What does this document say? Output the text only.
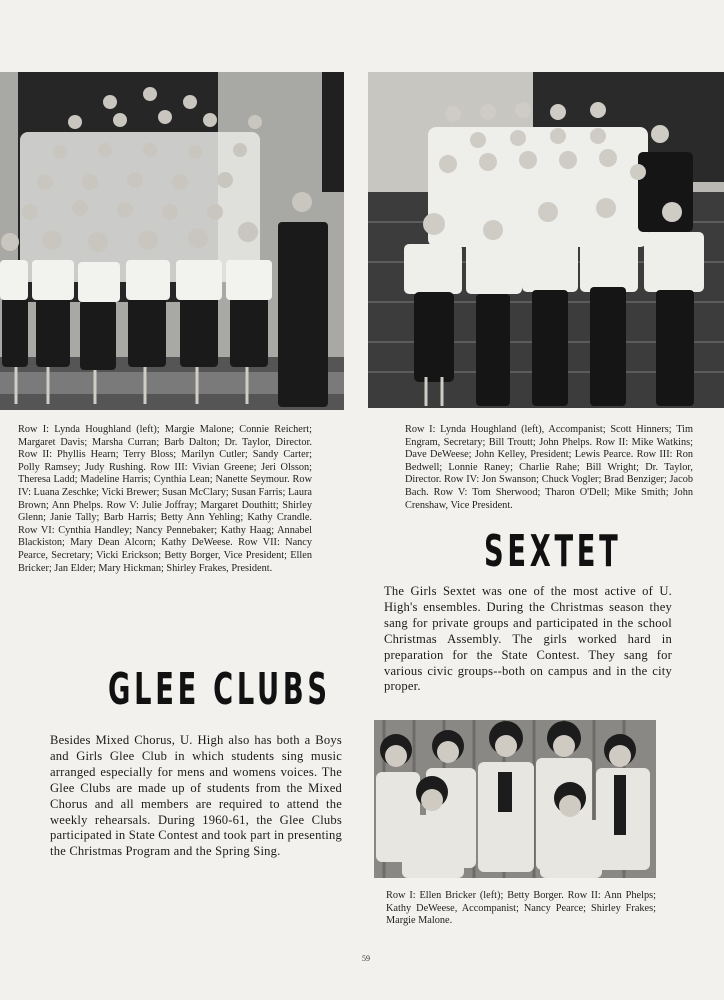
Row I: Lynda Houghland (left); Margie Malone; Connie Reichert; Margaret Davis; Marsha Curran; Barb Dalton; Dr. Taylor, Director. Row II: Phyllis Hearn; Terry Bloss; Marilyn Cutler; Sandy Carter; Polly Ramsey; Judy Rushing. Row III: Vivian Greene; Jeri Olsson; Theresa Ladd; Madeline Harris; Cynthia Lean; Nanette Seymour. Row IV: Luana Zeschke; Vicki Brewer; Susan McClary; Susan Farris; Laura Brown; Ann Phelps. Row V: Julie Joffray; Margaret Douthitt; Shirley Glenn; Janie Tally; Barb Harris; Betty Ann Yehling; Kathy Crandle. Row VI: Cynthia Handley; Nancy Pennebaker; Kathy Haag; Annabel Blackiston; Mary Dean Alcorn; Kathy DeWeese. Row VII: Nancy Pearce, Secretary; Vicki Erickson; Betty Borger, Vice President; Ellen Bricker; Jan Elder; Mary Hickman; Shirley Frakes, President.

Row I: Lynda Houghland (left), Accompanist; Scott Hinners; Tim Engram, Secretary; Bill Troutt; John Phelps. Row II: Mike Watkins; Dave DeWeese; John Kelley, President; Lewis Pearce. Row III: Ron Bedwell; Lonnie Raney; Charlie Rahe; Bill Wright; Dr. Taylor, Director. Row IV: Jon Swanson; Chuck Vogler; Brad Benziger; Jacob Bach. Row V: Tom Sherwood; Tharon O'Dell; Mike Smith; John Crenshaw, Vice President.

SEXTET

The Girls Sextet was one of the most active of U. High's ensembles. During the Christmas season they sang for private groups and participated in the school Christmas Assembly. The girls worked hard in preparation for the State Contest. They sang for various civic groups--both on campus and in the city proper.

GLEE CLUBS

Besides Mixed Chorus, U. High also has both a Boys and Girls Glee Club in which students sing music arranged especially for mens and womens voices. The Glee Clubs are made up of students from the Mixed Chorus and all members are required to attend the weekly rehearsals. During 1960-61, the Glee Clubs participated in State Contest and took part in presenting the Christmas Program and the Spring Sing.

Row I: Ellen Bricker (left); Betty Borger. Row II: Ann Phelps; Kathy DeWeese, Accompanist; Nancy Pearce; Shirley Frakes; Margie Malone.

59
